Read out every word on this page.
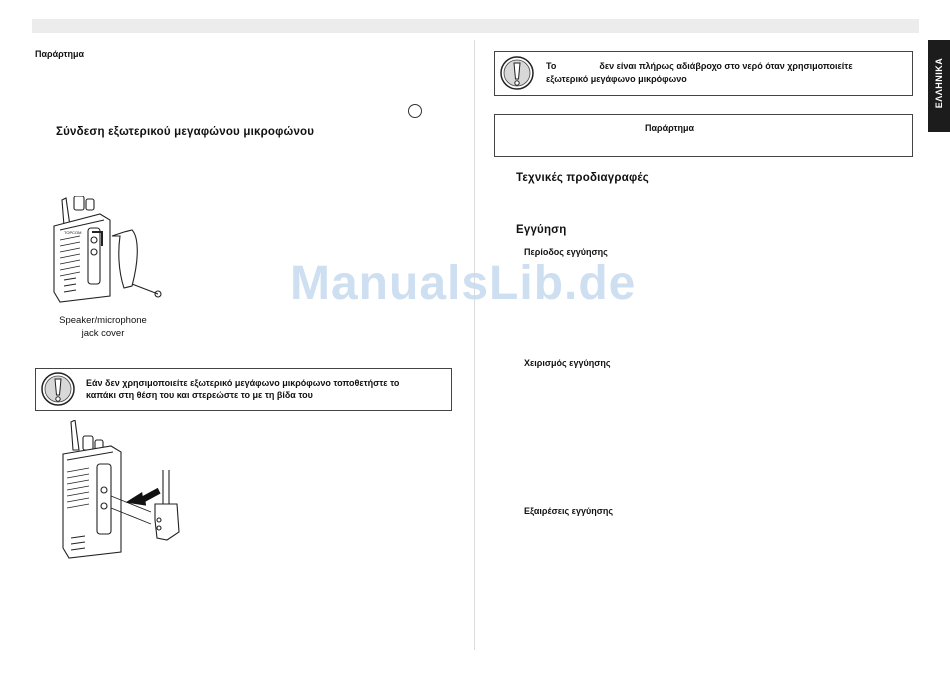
Παράρτημα
Σύνδεση εξωτερικού μεγαφώνου μικροφώνου
TOPCOM
Speaker/microphone
jack cover
Εάν δεν χρησιμοποιείτε εξωτερικό μεγάφωνο μικρόφωνο τοποθετήστε το
καπάκι στη θέση του και στερεώστε το με τη βίδα του
Το	δεν είναι πλήρως αδιάβροχο στο νερό όταν χρησιμοποιείτε
εξωτερικό μεγάφωνο μικρόφωνο
Παράρτημα
Τεχνικές προδιαγραφές
Εγγύηση
Περίοδος εγγύησης
Χειρισμός εγγύησης
Εξαιρέσεις εγγύησης
ΕΛΛΗΝΙΚΑ
ManualsLib.de
